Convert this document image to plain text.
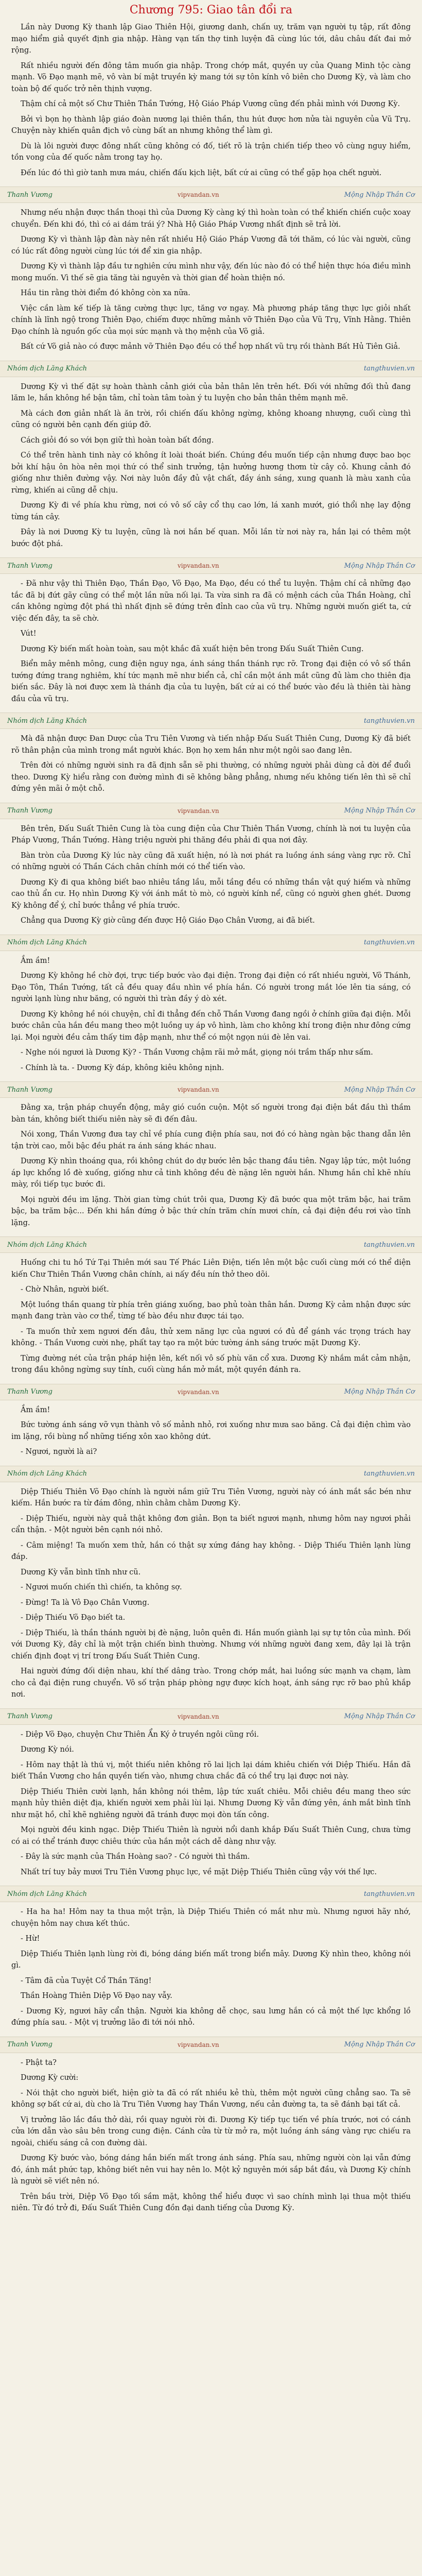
Chương 795: Giao tân đổi ra

Lần này Dương Kỳ thanh lập Giao Thiên Hội, giương danh, chấn uy, trăm vạn người tụ tập, rất đông mạo hiểm giả quyết định gia nhập. Hàng vạn tấn thợ tinh luyện đã cùng lúc tới, dâu châu đất đai mở rộng.

Rất nhiều người đến đông tâm muốn gia nhập. Trong chớp mắt, quyền uy của Quang Minh tộc càng mạnh. Võ Đạo mạnh mẽ, vô vàn bí mật truyền kỳ mang tới sự tôn kính vô biên cho Dương Kỳ, và làm cho toàn bộ đế quốc trở nên thịnh vượng.

Thậm chí cả một số Chư Thiên Thần Tướng, Hộ Giáo Pháp Vương cũng đến phải mình với Dương Kỳ.

Bởi vì bọn họ thành lập giáo đoàn nương lại thiên thần, thu hút được hơn nửa tài nguyên của Vũ Trụ. Chuyện này khiến quân địch vô cùng bất an nhưng không thể làm gì.

Dù là lôi người được đông nhất cũng không có đố, tiết rõ là trận chiến tiếp theo vô cùng nguy hiểm, tồn vong của đế quốc nằm trong tay họ.

Đến lúc đó thì giờ tanh mưa máu, chiến đấu kịch liệt, bất cứ ai cũng có thể gặp họa chết người.

Thanh Vương	vipvandan.vn	Mộng Nhập Thần Cơ

Nhưng nếu nhận được thần thoại thì của Dương Kỳ càng ký thì hoàn toàn có thể khiến chiến cuộc xoay chuyển. Đến khi đó, thì có ai dám trái ý? Nhà Hộ Giáo Pháp Vương nhất định sẽ trả lời.

Dương Kỳ vì thành lập đàn này nên rất nhiều Hộ Giáo Pháp Vương đã tới thăm, có lúc vài người, cũng có lúc rất đông người cùng lúc tới để xin gia nhập.

Dương Kỳ vì thành lập đầu tư nghiên cứu mình như vậy, đến lúc nào đó có thể hiện thực hóa điều mình mong muốn. Vì thế sẽ gia tăng tài nguyên và thời gian để hoàn thiện nó.

Hầu tin rằng thời điểm đó không còn xa nữa.

Việc cần làm kế tiếp là tăng cường thực lực, tăng vơ ngay. Mà phương pháp tăng thực lực giỏi nhất chính là lĩnh ngộ trong Thiên Đạo, chiếm được những mảnh vỡ Thiên Đạo của Vũ Trụ, Vĩnh Hằng. Thiên Đạo chính là nguồn gốc của mọi sức mạnh và thọ mệnh của Võ giả.

Bất cứ Võ giả nào có được mảnh vỡ Thiên Đạo đều có thể hợp nhất vũ trụ rồi thành Bất Hủ Tiên Giả.

Nhóm dịch Lăng Khách	tangthuvien.vn

Dương Kỳ vì thế đặt sự hoàn thành cảnh giới của bản thân lên trên hết. Đối với những đối thủ đang lăm le, hắn không hề bận tâm, chỉ toàn tâm toàn ý tu luyện cho bản thân thêm mạnh mẽ.

Mà cách đơn giản nhất là ăn trời, rồi chiến đấu không ngừng, không khoang nhượng, cuối cùng thì cũng có người bên cạnh đến giúp đỡ.

Cách giỏi đó so với bọn giữ thì hoàn toàn bất đồng.

Có thể trên hành tinh này có không ít loài thoát biến. Chúng đều muốn tiếp cận nhưng được bao bọc bởi khí hậu ôn hòa nên mọi thứ có thể sinh trưởng, tận hưởng hương thơm từ cây cỏ. Khung cảnh đó giống như thiên đường vậy. Nơi này luôn đầy đủ vật chất, đầy ánh sáng, xung quanh là màu xanh của rừng, khiến ai cũng dễ chịu.

Dương Kỳ đi về phía khu rừng, nơi có vô số cây cổ thụ cao lớn, lá xanh mướt, gió thổi nhẹ lay động từng tán cây.

Đây là nơi Dương Kỳ tu luyện, cũng là nơi hắn bế quan. Mỗi lần từ nơi này ra, hắn lại có thêm một bước đột phá.

Thanh Vương	vipvandan.vn	Mộng Nhập Thần Cơ

- Đã như vậy thì Thiên Đạo, Thần Đạo, Võ Đạo, Ma Đạo, đều có thể tu luyện. Thậm chí cả những đạo tắc đã bị đứt gãy cũng có thể một lần nữa nối lại. Ta vừa sinh ra đã có mệnh cách của Thần Hoàng, chỉ cần không ngừng đột phá thì nhất định sẽ đứng trên đỉnh cao của vũ trụ. Những người muốn giết ta, cứ việc đến đây, ta sẽ chờ.

Vút!

Dương Kỳ biến mất hoàn toàn, sau một khắc đã xuất hiện bên trong Đấu Suất Thiên Cung.

Biển mây mênh mông, cung điện nguy nga, ánh sáng thần thánh rực rỡ. Trong đại điện có vô số thần tướng đứng trang nghiêm, khí tức mạnh mẽ như biển cả, chỉ cần một ánh mắt cũng đủ làm cho thiên địa biến sắc. Đây là nơi được xem là thánh địa của tu luyện, bất cứ ai có thể bước vào đều là thiên tài hàng đầu của vũ trụ.

Nhóm dịch Lăng Khách	tangthuvien.vn

Mà đã nhận được Đan Dược của Tru Tiên Vương và tiến nhập Đấu Suất Thiên Cung, Dương Kỳ đã biết rõ thân phận của mình trong mắt người khác. Bọn họ xem hắn như một ngôi sao đang lên.

Trên đời có những người sinh ra đã định sẵn sẽ phi thường, có những người phải dùng cả đời để đuổi theo. Dương Kỳ hiểu rằng con đường mình đi sẽ không bằng phẳng, nhưng nếu không tiến lên thì sẽ chỉ đứng yên mãi ở một chỗ.

Thanh Vương	vipvandan.vn	Mộng Nhập Thần Cơ

Bên trên, Đấu Suất Thiên Cung là tòa cung điện của Chư Thiên Thần Vương, chính là nơi tu luyện của Pháp Vương, Thần Tướng. Hàng triệu người phi thăng đều phải đi qua nơi đây.

Bàn tròn của Dương Kỳ lúc này cũng đã xuất hiện, nó là nơi phát ra luồng ánh sáng vàng rực rỡ. Chỉ có những người có Thần Cách chân chính mới có thể tiến vào.

Dương Kỳ đi qua không biết bao nhiêu tầng lầu, mỗi tầng đều có những thần vật quý hiếm và những cao thủ ẩn cư. Họ nhìn Dương Kỳ với ánh mắt tò mò, có người kính nể, cũng có người ghen ghét. Dương Kỳ không để ý, chỉ bước thẳng về phía trước.

Chẳng qua Dương Kỳ giờ cũng đến được Hộ Giáo Đạo Chân Vương, ai đã biết.

Nhóm dịch Lăng Khách	tangthuvien.vn

Ầm ầm!

Dương Kỳ không hề chờ đợi, trực tiếp bước vào đại điện. Trong đại điện có rất nhiều người, Võ Thánh, Đạo Tôn, Thần Tướng, tất cả đều quay đầu nhìn về phía hắn. Có người trong mắt lóe lên tia sáng, có người lạnh lùng như băng, có người thì tràn đầy ý dò xét.

Dương Kỳ không hề nói chuyện, chỉ đi thẳng đến chỗ Thần Vương đang ngồi ở chính giữa đại điện. Mỗi bước chân của hắn đều mang theo một luồng uy áp vô hình, làm cho không khí trong điện như đông cứng lại. Mọi người đều cảm thấy tim đập mạnh, như thể có một ngọn núi đè lên vai.

- Nghe nói ngươi là Dương Kỳ? - Thần Vương chậm rãi mở mắt, giọng nói trầm thấp như sấm.

- Chính là ta. - Dương Kỳ đáp, không kiêu không nịnh.

Thanh Vương	vipvandan.vn	Mộng Nhập Thần Cơ

Đằng xa, trận pháp chuyển động, mây gió cuồn cuộn. Một số người trong đại điện bắt đầu thì thầm bàn tán, không biết thiếu niên này sẽ đi đến đâu.

Nói xong, Thần Vương đưa tay chỉ về phía cung điện phía sau, nơi đó có hàng ngàn bậc thang dẫn lên tận trời cao, mỗi bậc đều phát ra ánh sáng khác nhau.

Dương Kỳ nhìn thoáng qua, rồi không chút do dự bước lên bậc thang đầu tiên. Ngay lập tức, một luồng áp lực khổng lồ đè xuống, giống như cả tinh không đều đè nặng lên người hắn. Nhưng hắn chỉ khẽ nhíu mày, rồi tiếp tục bước đi.

Mọi người đều im lặng. Thời gian từng chút trôi qua, Dương Kỳ đã bước qua một trăm bậc, hai trăm bậc, ba trăm bậc... Đến khi hắn đứng ở bậc thứ chín trăm chín mươi chín, cả đại điện đều rơi vào tĩnh lặng.

Nhóm dịch Lăng Khách	tangthuvien.vn

Huống chi tu hồ Tứ Tại Thiên mới sau Tế Phác Liên Điện, tiến lên một bậc cuối cùng mới có thể diện kiến Chư Thiên Thần Vương chân chính, ai nấy đều nín thở theo dõi.

- Chờ Nhân, người biết.

Một luồng thần quang từ phía trên giáng xuống, bao phủ toàn thân hắn. Dương Kỳ cảm nhận được sức mạnh đang tràn vào cơ thể, từng tế bào đều như được tái tạo.

- Ta muốn thử xem ngươi đến đâu, thử xem năng lực của ngươi có đủ để gánh vác trọng trách hay không. - Thần Vương cười nhẹ, phất tay tạo ra một bức tường ánh sáng trước mặt Dương Kỳ.

Từng đường nét của trận pháp hiện lên, kết nối vô số phù văn cổ xưa. Dương Kỳ nhắm mắt cảm nhận, trong đầu không ngừng suy tính, cuối cùng hắn mở mắt, một quyền đánh ra.

Thanh Vương	vipvandan.vn	Mộng Nhập Thần Cơ

Ầm ầm!

Bức tường ánh sáng vỡ vụn thành vô số mảnh nhỏ, rơi xuống như mưa sao băng. Cả đại điện chìm vào im lặng, rồi bùng nổ những tiếng xôn xao không dứt.

- Ngươi, người là ai?

Nhóm dịch Lăng Khách	tangthuvien.vn

Diệp Thiếu Thiên Võ Đạo chính là người nắm giữ Tru Tiên Vương, người này có ánh mắt sắc bén như kiếm. Hắn bước ra từ đám đông, nhìn chằm chằm Dương Kỳ.

- Diệp Thiếu, người này quả thật không đơn giản. Bọn ta biết ngươi mạnh, nhưng hôm nay ngươi phải cẩn thận. - Một người bên cạnh nói nhỏ.

- Câm miệng! Ta muốn xem thử, hắn có thật sự xứng đáng hay không. - Diệp Thiếu Thiên lạnh lùng đáp.

Dương Kỳ vẫn bình tĩnh như cũ.

- Ngươi muốn chiến thì chiến, ta không sợ.

- Đừng! Ta là Vô Đạo Chân Vương.

- Diệp Thiếu Võ Đạo biết ta.

- Diệp Thiếu, là thần thánh người bị đè nặng, luôn quên đi. Hắn muốn giành lại sự tự tôn của mình. Đối với Dương Kỳ, đây chỉ là một trận chiến bình thường. Nhưng với những người đang xem, đây lại là trận chiến định đoạt vị trí trong Đấu Suất Thiên Cung.

Hai người đứng đối diện nhau, khí thế dâng trào. Trong chớp mắt, hai luồng sức mạnh va chạm, làm cho cả đại điện rung chuyển. Vô số trận pháp phòng ngự được kích hoạt, ánh sáng rực rỡ bao phủ khắp nơi.

Thanh Vương	vipvandan.vn	Mộng Nhập Thần Cơ

- Diệp Võ Đạo, chuyện Chư Thiên Ẩn Ký ở truyền ngôi cũng rồi.

Dương Kỳ nói.

- Hôm nay thật là thú vị, một thiếu niên không rõ lai lịch lại dám khiêu chiến với Diệp Thiếu. Hắn đã biết Thần Vương cho hắn quyền tiến vào, nhưng chưa chắc đã có thể trụ lại được nơi này.

Diệp Thiếu Thiên cười lạnh, hắn không nói thêm, lập tức xuất chiêu. Mỗi chiêu đều mang theo sức mạnh hủy thiên diệt địa, khiến người xem phải lùi lại. Nhưng Dương Kỳ vẫn đứng yên, ánh mắt bình tĩnh như mặt hồ, chỉ khẽ nghiêng người đã tránh được mọi đòn tấn công.

Mọi người đều kinh ngạc. Diệp Thiếu Thiên là người nổi danh khắp Đấu Suất Thiên Cung, chưa từng có ai có thể tránh được chiêu thức của hắn một cách dễ dàng như vậy.

- Đây là sức mạnh của Thần Hoàng sao? - Có người thì thầm.

Nhất trí tuy bảy mươi Tru Tiên Vương phục lực, về mặt Diệp Thiếu Thiên cũng vậy với thế lực.

Nhóm dịch Lăng Khách	tangthuvien.vn

- Ha ha ha! Hôm nay ta thua một trận, là Diệp Thiếu Thiên có mắt như mù. Nhưng ngươi hãy nhớ, chuyện hôm nay chưa kết thúc.

- Hừ!

Diệp Thiếu Thiên lạnh lùng rời đi, bóng dáng biến mất trong biển mây. Dương Kỳ nhìn theo, không nói gì.

- Tâm đã của Tuyệt Cổ Thần Tăng!

Thần Hoàng Thiên Diệp Võ Đạo nay vẫy.

- Dương Kỳ, ngươi hãy cẩn thận. Người kia không dễ chọc, sau lưng hắn có cả một thế lực khổng lồ đứng phía sau. - Một vị trưởng lão đi tới nói nhỏ.

Thanh Vương	vipvandan.vn	Mộng Nhập Thần Cơ

- Phật ta?

Dương Kỳ cười:

- Nói thật cho người biết, hiện giờ ta đã có rất nhiều kẻ thù, thêm một người cũng chẳng sao. Ta sẽ không sợ bất cứ ai, dù cho là Tru Tiên Vương hay Thần Vương, nếu cản đường ta, ta sẽ đánh bại tất cả.

Vị trưởng lão lắc đầu thở dài, rồi quay người rời đi. Dương Kỳ tiếp tục tiến về phía trước, nơi có cánh cửa lớn dẫn vào sâu bên trong cung điện. Cánh cửa từ từ mở ra, một luồng ánh sáng vàng rực chiếu ra ngoài, chiếu sáng cả con đường dài.

Dương Kỳ bước vào, bóng dáng hắn biến mất trong ánh sáng. Phía sau, những người còn lại vẫn đứng đó, ánh mắt phức tạp, không biết nên vui hay nên lo. Một kỷ nguyên mới sắp bắt đầu, và Dương Kỳ chính là người sẽ viết nên nó.

Trên bầu trời, Diệp Võ Đạo tối sầm mặt, không thể hiểu được vì sao chính mình lại thua một thiếu niên. Từ đó trở đi, Đấu Suất Thiên Cung đồn đại danh tiếng của Dương Kỳ.
